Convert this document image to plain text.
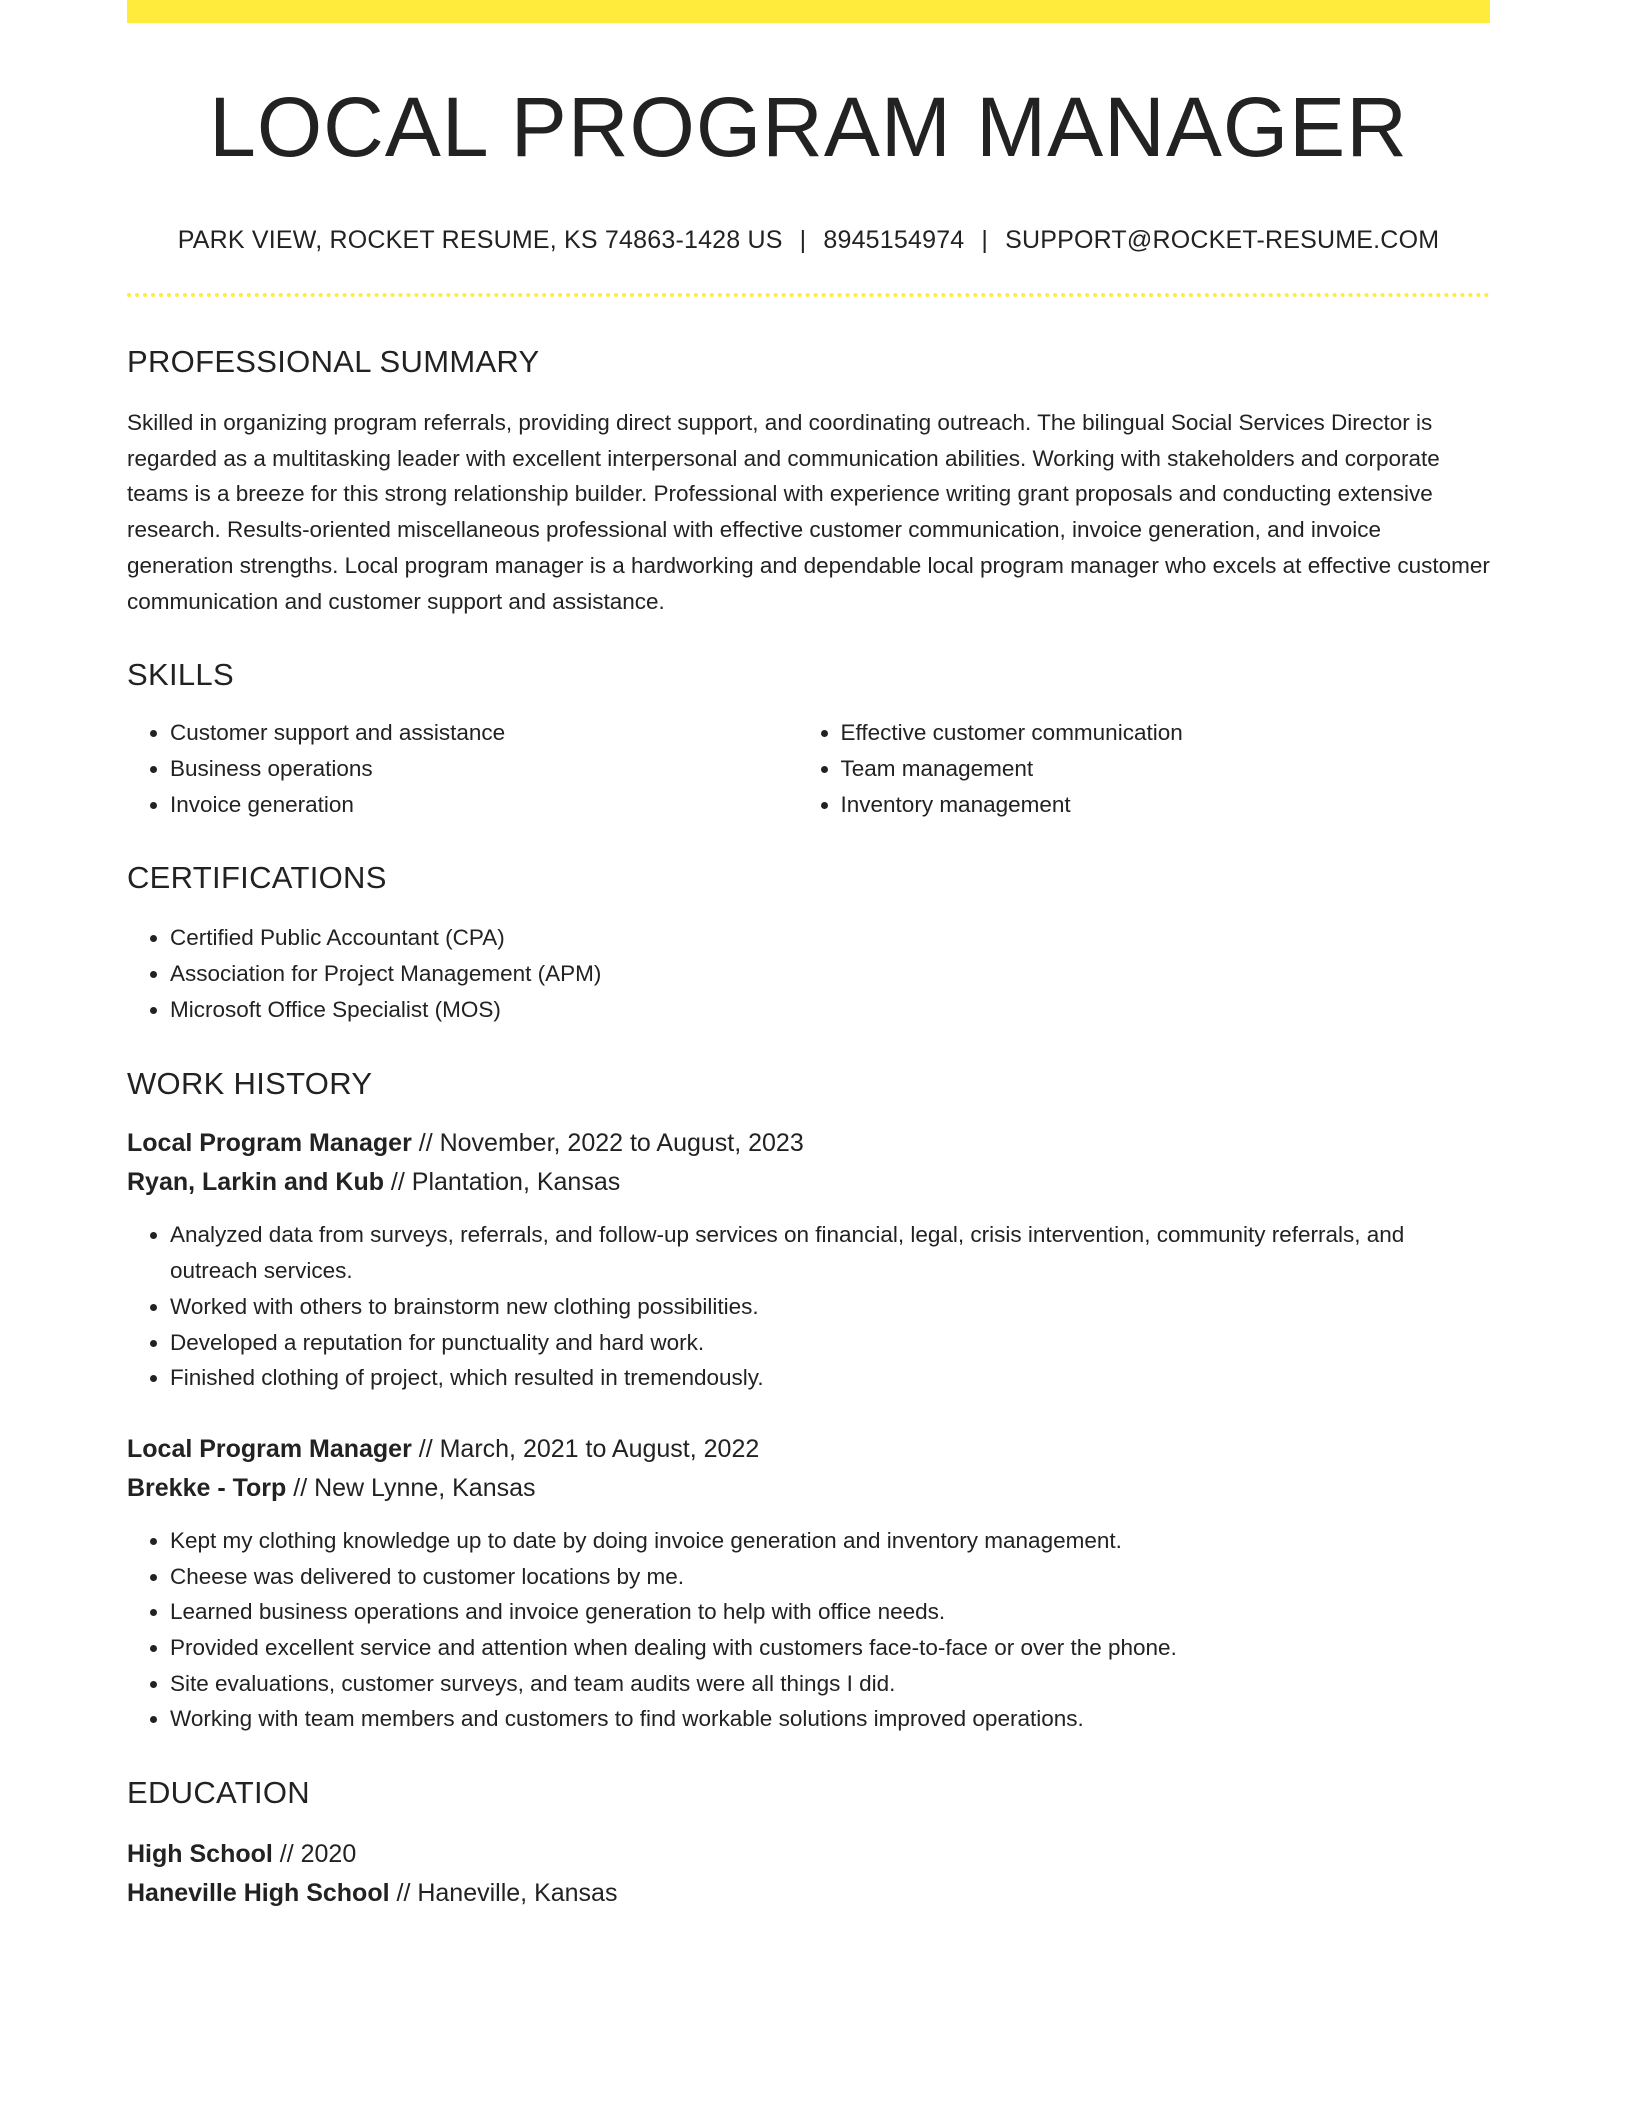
LOCAL PROGRAM MANAGER
PARK VIEW, ROCKET RESUME, KS 74863-1428 US | 8945154974 | SUPPORT@ROCKET-RESUME.COM
PROFESSIONAL SUMMARY
Skilled in organizing program referrals, providing direct support, and coordinating outreach. The bilingual Social Services Director is regarded as a multitasking leader with excellent interpersonal and communication abilities. Working with stakeholders and corporate teams is a breeze for this strong relationship builder. Professional with experience writing grant proposals and conducting extensive research. Results-oriented miscellaneous professional with effective customer communication, invoice generation, and invoice generation strengths. Local program manager is a hardworking and dependable local program manager who excels at effective customer communication and customer support and assistance.
SKILLS
• Customer support and assistance
• Business operations
• Invoice generation
• Effective customer communication
• Team management
• Inventory management
CERTIFICATIONS
• Certified Public Accountant (CPA)
• Association for Project Management (APM)
• Microsoft Office Specialist (MOS)
WORK HISTORY
Local Program Manager // November, 2022 to August, 2023
Ryan, Larkin and Kub // Plantation, Kansas
• Analyzed data from surveys, referrals, and follow-up services on financial, legal, crisis intervention, community referrals, and outreach services.
• Worked with others to brainstorm new clothing possibilities.
• Developed a reputation for punctuality and hard work.
• Finished clothing of project, which resulted in tremendously.
Local Program Manager // March, 2021 to August, 2022
Brekke - Torp // New Lynne, Kansas
• Kept my clothing knowledge up to date by doing invoice generation and inventory management.
• Cheese was delivered to customer locations by me.
• Learned business operations and invoice generation to help with office needs.
• Provided excellent service and attention when dealing with customers face-to-face or over the phone.
• Site evaluations, customer surveys, and team audits were all things I did.
• Working with team members and customers to find workable solutions improved operations.
EDUCATION
High School // 2020
Haneville High School // Haneville, Kansas
